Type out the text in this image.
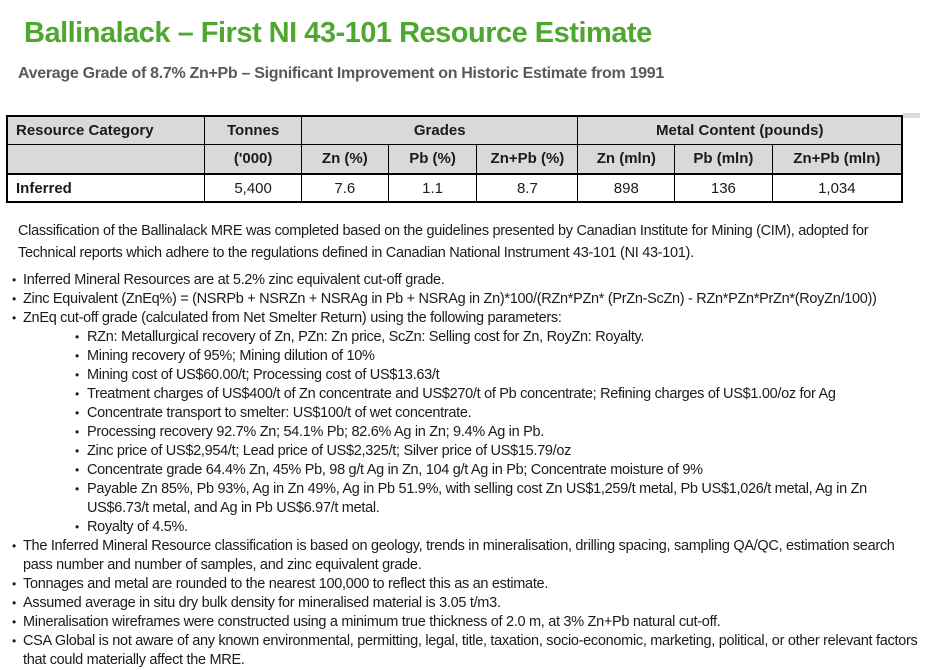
Ballinalack – First NI 43-101 Resource Estimate
Average Grade of 8.7% Zn+Pb – Significant Improvement on Historic Estimate from 1991
Resource Category	Tonnes	Grades			Metal Content (pounds)		
	('000)	Zn (%)	Pb (%)	Zn+Pb (%)	Zn (mln)	Pb (mln)	Zn+Pb (mln)
Inferred	5,400	7.6	1.1	8.7	898	136	1,034

Classification of the Ballinalack MRE was completed based on the guidelines presented by Canadian Institute for Mining (CIM), adopted for Technical reports which adhere to the regulations defined in Canadian National Instrument 43-101 (NI 43-101).

• Inferred Mineral Resources are at 5.2% zinc equivalent cut-off grade.
• Zinc Equivalent (ZnEq%) = (NSRPb + NSRZn + NSRAg in Pb + NSRAg in Zn)*100/(RZn*PZn* (PrZn-ScZn) - RZn*PZn*PrZn*(RoyZn/100))
• ZnEq cut-off grade (calculated from Net Smelter Return) using the following parameters:
• RZn: Metallurgical recovery of Zn, PZn: Zn price, ScZn: Selling cost for Zn, RoyZn: Royalty.
• Mining recovery of 95%; Mining dilution of 10%
• Mining cost of US$60.00/t; Processing cost of US$13.63/t
• Treatment charges of US$400/t of Zn concentrate and US$270/t of Pb concentrate; Refining charges of US$1.00/oz for Ag
• Concentrate transport to smelter: US$100/t of wet concentrate.
• Processing recovery 92.7% Zn; 54.1% Pb; 82.6% Ag in Zn; 9.4% Ag in Pb.
• Zinc price of US$2,954/t; Lead price of US$2,325/t; Silver price of US$15.79/oz
• Concentrate grade 64.4% Zn, 45% Pb, 98 g/t Ag in Zn, 104 g/t Ag in Pb; Concentrate moisture of 9%
• Payable Zn 85%, Pb 93%, Ag in Zn 49%, Ag in Pb 51.9%, with selling cost Zn US$1,259/t metal, Pb US$1,026/t metal, Ag in Zn US$6.73/t metal, and Ag in Pb US$6.97/t metal.
• Royalty of 4.5%.
• The Inferred Mineral Resource classification is based on geology, trends in mineralisation, drilling spacing, sampling QA/QC, estimation search pass number and number of samples, and zinc equivalent grade.
• Tonnages and metal are rounded to the nearest 100,000 to reflect this as an estimate.
• Assumed average in situ dry bulk density for mineralised material is 3.05 t/m3.
• Mineralisation wireframes were constructed using a minimum true thickness of 2.0 m, at 3% Zn+Pb natural cut-off.
• CSA Global is not aware of any known environmental, permitting, legal, title, taxation, socio-economic, marketing, political, or other relevant factors that could materially affect the MRE.
